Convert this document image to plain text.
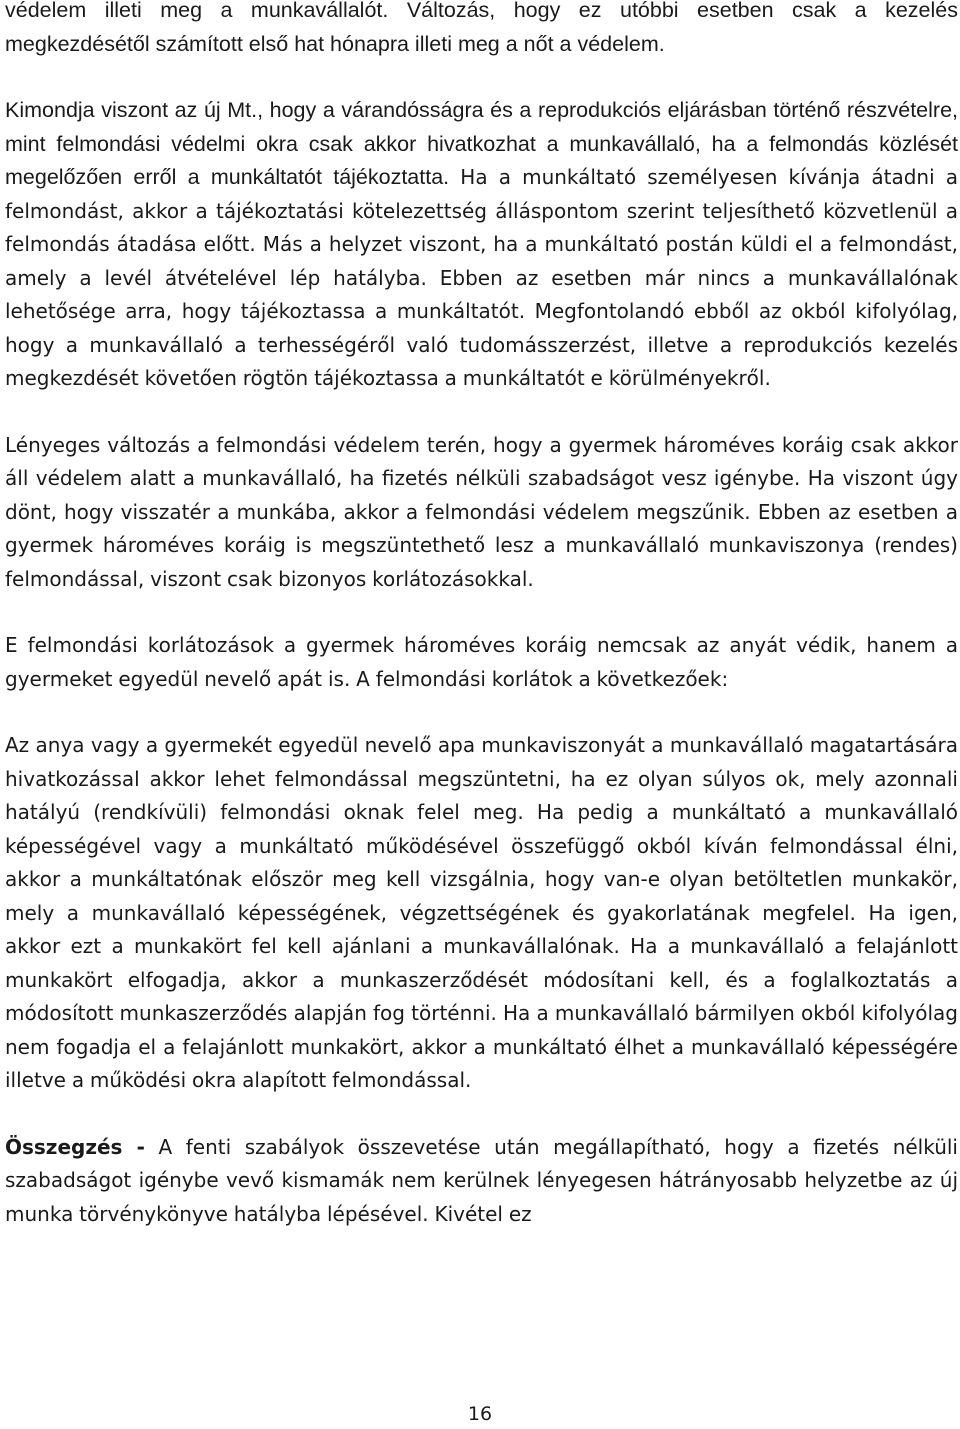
védelem illeti meg a munkavállalót. Változás, hogy ez utóbbi esetben csak a kezelés megkezdésétől számított első hat hónapra illeti meg a nőt a védelem.

Kimondja viszont az új Mt., hogy a várandósságra és a reprodukciós eljárásban történő részvételre, mint felmondási védelmi okra csak akkor hivatkozhat a munkavállaló, ha a felmondás közlését megelőzően erről a munkáltatót tájékoztatta. Ha a munkáltató személyesen kívánja átadni a felmondást, akkor a tájékoztatási kötelezettség álláspontom szerint teljesíthető közvetlenül a felmondás átadása előtt. Más a helyzet viszont, ha a munkáltató postán küldi el a felmondást, amely a levél átvételével lép hatályba. Ebben az esetben már nincs a munkavállalónak lehetősége arra, hogy tájékoztassa a munkáltatót. Megfontolandó ebből az okból kifolyólag, hogy a munkavállaló a terhességéről való tudomásszerzést, illetve a reprodukciós kezelés megkezdését követően rögtön tájékoztassa a munkáltatót e körülményekről.

Lényeges változás a felmondási védelem terén, hogy a gyermek hároméves koráig csak akkor áll védelem alatt a munkavállaló, ha fizetés nélküli szabadságot vesz igénybe. Ha viszont úgy dönt, hogy visszatér a munkába, akkor a felmondási védelem megszűnik. Ebben az esetben a gyermek hároméves koráig is megszüntethető lesz a munkavállaló munkaviszonya (rendes) felmondással, viszont csak bizonyos korlátozásokkal.

E felmondási korlátozások a gyermek hároméves koráig nemcsak az anyát védik, hanem a gyermeket egyedül nevelő apát is. A felmondási korlátok a következőek:

Az anya vagy a gyermekét egyedül nevelő apa munkaviszonyát a munkavállaló magatartására hivatkozással akkor lehet felmondással megszüntetni, ha ez olyan súlyos ok, mely azonnali hatályú (rendkívüli) felmondási oknak felel meg. Ha pedig a munkáltató a munkavállaló képességével vagy a munkáltató működésével összefüggő okból kíván felmondással élni, akkor a munkáltatónak először meg kell vizsgálnia, hogy van-e olyan betöltetlen munkakör, mely a munkavállaló képességének, végzettségének és gyakorlatának megfelel. Ha igen, akkor ezt a munkakört fel kell ajánlani a munkavállalónak. Ha a munkavállaló a felajánlott munkakört elfogadja, akkor a munkaszerződését módosítani kell, és a foglalkoztatás a módosított munkaszerződés alapján fog történni. Ha a munkavállaló bármilyen okból kifolyólag nem fogadja el a felajánlott munkakört, akkor a munkáltató élhet a munkavállaló képességére illetve a működési okra alapított felmondással.

Összegzés - A fenti szabályok összevetése után megállapítható, hogy a fizetés nélküli szabadságot igénybe vevő kismamák nem kerülnek lényegesen hátrányosabb helyzetbe az új munka törvénykönyve hatályba lépésével. Kivétel ez

16
